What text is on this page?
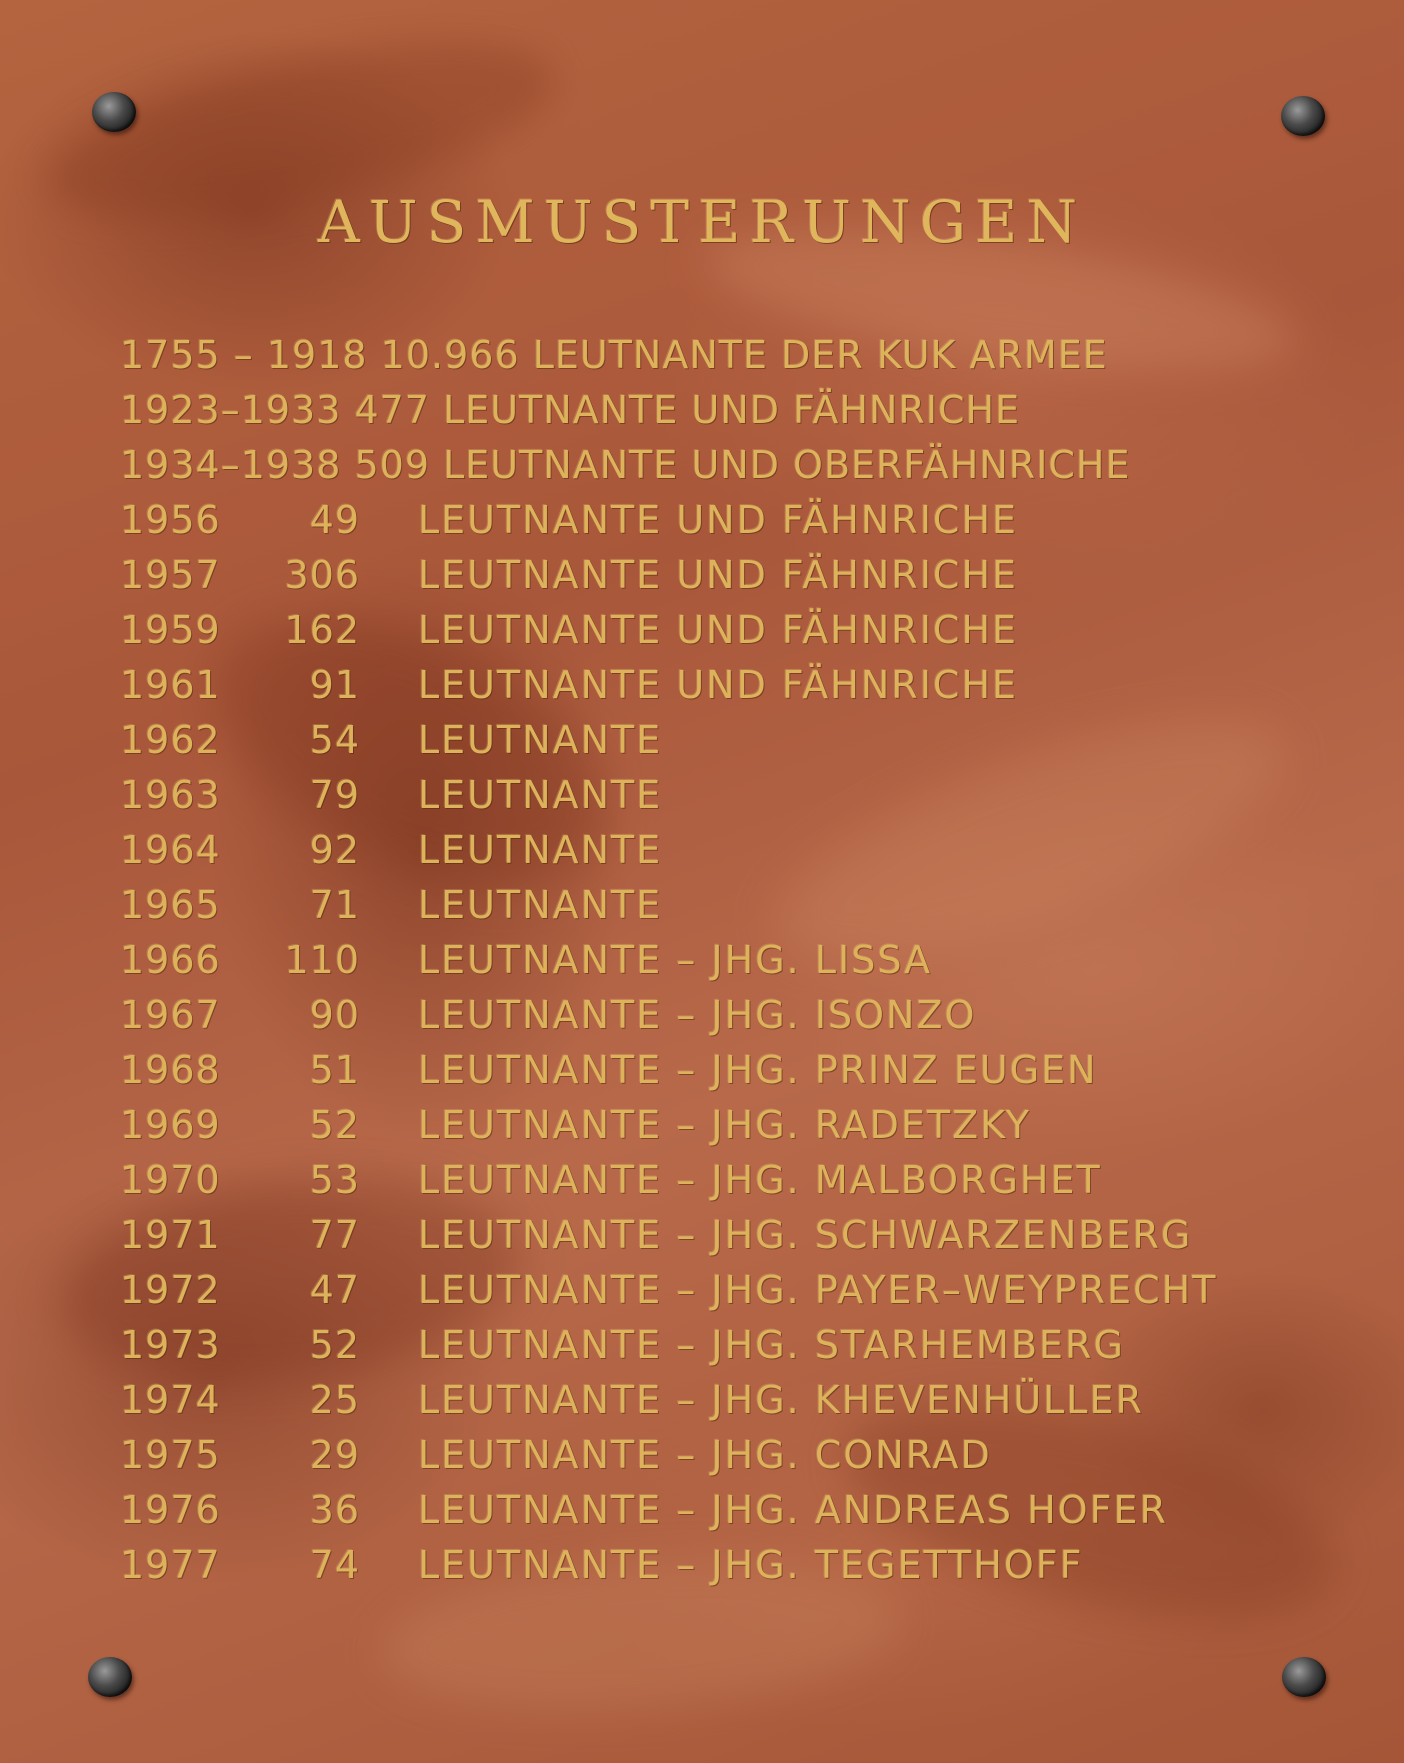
AUSMUSTERUNGEN
1755 – 1918 10.966 LEUTNANTE DER KUK ARMEE
1923–1933 477 LEUTNANTE UND FÄHNRICHE
1934–1938 509 LEUTNANTE UND OBERFÄHNRICHE
1956	49 LEUTNANTE UND FÄHNRICHE
1957	306 LEUTNANTE UND FÄHNRICHE
1959	162 LEUTNANTE UND FÄHNRICHE
1961	91 LEUTNANTE UND FÄHNRICHE
1962	54 LEUTNANTE
1963	79 LEUTNANTE
1964	92 LEUTNANTE
1965	71 LEUTNANTE
1966	110 LEUTNANTE – JHG. LISSA
1967	90 LEUTNANTE – JHG. ISONZO
1968	51 LEUTNANTE – JHG. PRINZ EUGEN
1969	52 LEUTNANTE – JHG. RADETZKY
1970	53 LEUTNANTE – JHG. MALBORGHET
1971	77 LEUTNANTE – JHG. SCHWARZENBERG
1972	47 LEUTNANTE – JHG. PAYER–WEYPRECHT
1973	52 LEUTNANTE – JHG. STARHEMBERG
1974	25 LEUTNANTE – JHG. KHEVENHÜLLER
1975	29 LEUTNANTE – JHG. CONRAD
1976	36 LEUTNANTE – JHG. ANDREAS HOFER
1977	74 LEUTNANTE – JHG. TEGETTHOFF
